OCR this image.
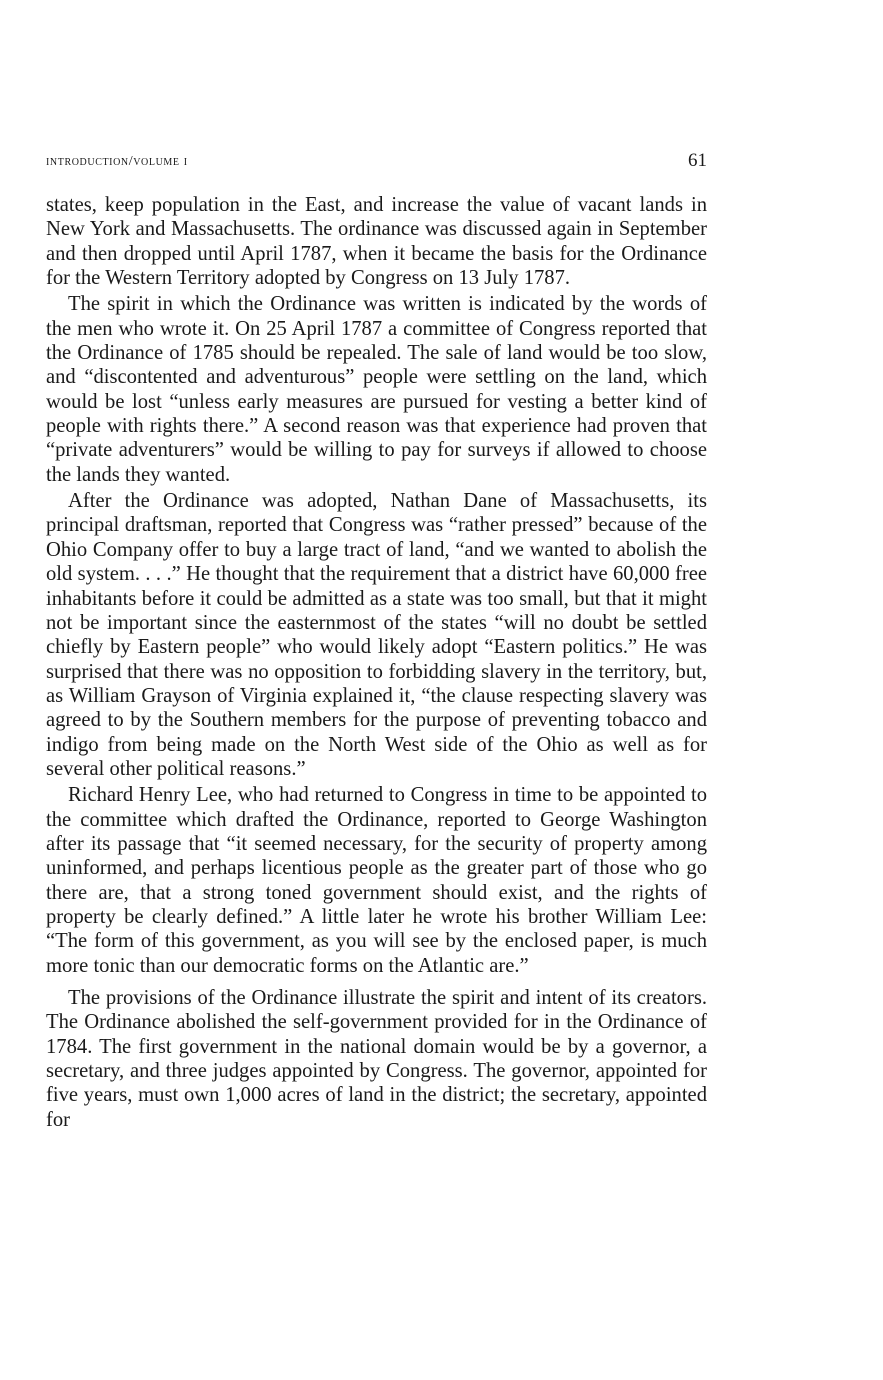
introduction/volume i	61

states, keep population in the East, and increase the value of vacant lands in New York and Massachusetts. The ordinance was discussed again in September and then dropped until April 1787, when it became the basis for the Ordinance for the Western Territory adopted by Congress on 13 July 1787.

The spirit in which the Ordinance was written is indicated by the words of the men who wrote it. On 25 April 1787 a committee of Congress reported that the Ordinance of 1785 should be repealed. The sale of land would be too slow, and “discontented and adventurous” people were settling on the land, which would be lost “unless early measures are pursued for vesting a better kind of people with rights there.” A second reason was that experience had proven that “private adventurers” would be willing to pay for surveys if allowed to choose the lands they wanted.

After the Ordinance was adopted, Nathan Dane of Massachusetts, its principal draftsman, reported that Congress was “rather pressed” because of the Ohio Company offer to buy a large tract of land, “and we wanted to abolish the old system. . . .” He thought that the requirement that a district have 60,000 free inhabitants before it could be admitted as a state was too small, but that it might not be important since the easternmost of the states “will no doubt be settled chiefly by Eastern people” who would likely adopt “Eastern politics.” He was surprised that there was no opposition to forbidding slavery in the territory, but, as William Grayson of Virginia explained it, “the clause respecting slavery was agreed to by the Southern members for the purpose of preventing tobacco and indigo from being made on the North West side of the Ohio as well as for several other political reasons.”

Richard Henry Lee, who had returned to Congress in time to be appointed to the committee which drafted the Ordinance, reported to George Washington after its passage that “it seemed necessary, for the security of property among uninformed, and perhaps licentious people as the greater part of those who go there are, that a strong toned government should exist, and the rights of property be clearly defined.” A little later he wrote his brother William Lee: “The form of this government, as you will see by the enclosed paper, is much more tonic than our democratic forms on the Atlantic are.”

The provisions of the Ordinance illustrate the spirit and intent of its creators. The Ordinance abolished the self-government provided for in the Ordinance of 1784. The first government in the national domain would be by a governor, a secretary, and three judges appointed by Congress. The governor, appointed for five years, must own 1,000 acres of land in the district; the secretary, appointed for
